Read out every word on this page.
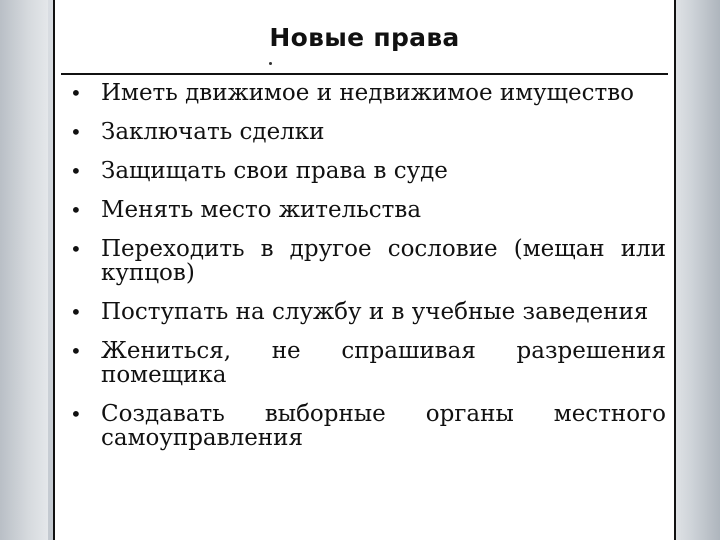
Новые права
• Иметь движимое и недвижимое имущество
• Заключать сделки
• Защищать свои права в суде
• Менять место жительства
• Переходить в другое сословие (мещан или купцов)
• Поступать на службу и в учебные заведения
• Жениться, не спрашивая разрешения помещика
• Создавать выборные органы местного самоуправления
